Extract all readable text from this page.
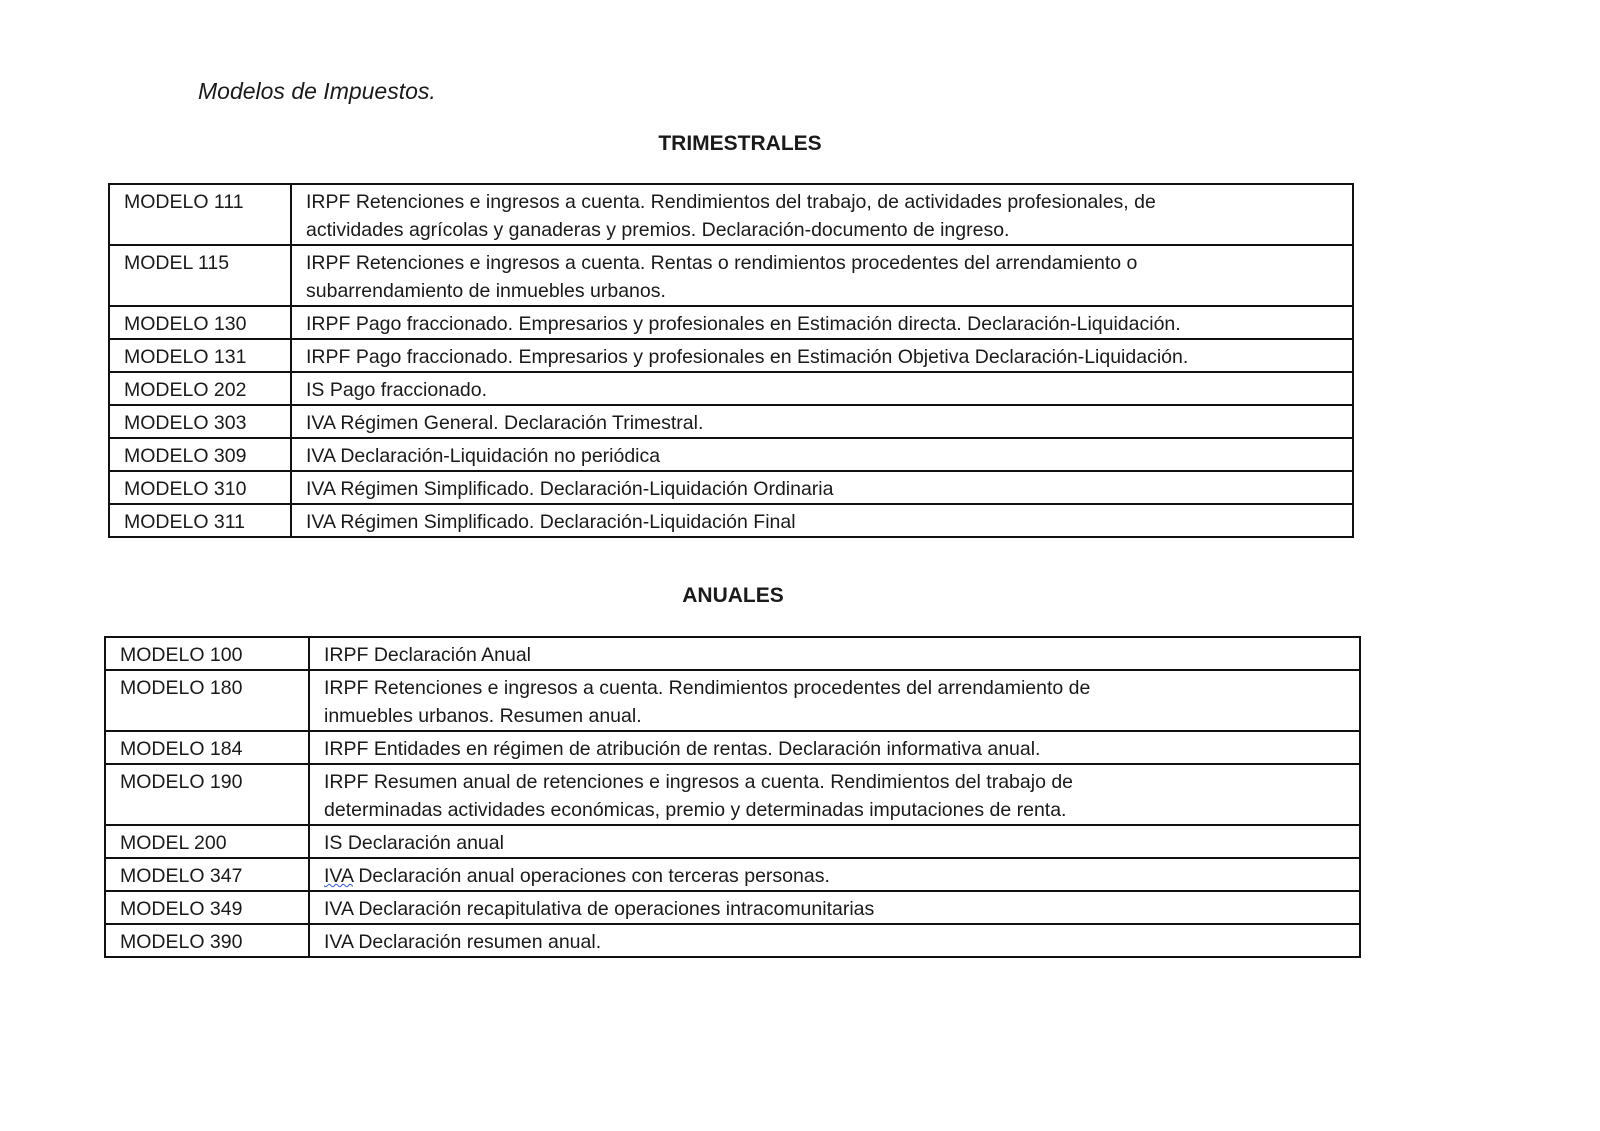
Modelos de Impuestos.
TRIMESTRALES
MODELO 111	IRPF Retenciones e ingresos a cuenta. Rendimientos del trabajo, de actividades profesionales, de
actividades agrícolas y ganaderas y premios. Declaración-documento de ingreso.

MODEL 115	IRPF Retenciones e ingresos a cuenta. Rentas o rendimientos procedentes del arrendamiento o
subarrendamiento de inmuebles urbanos.

MODELO 130	IRPF Pago fraccionado. Empresarios y profesionales en Estimación directa. Declaración-Liquidación.

MODELO 131	IRPF Pago fraccionado. Empresarios y profesionales en Estimación Objetiva Declaración-Liquidación.

MODELO 202	IS Pago fraccionado.

MODELO 303	IVA Régimen General. Declaración Trimestral.

MODELO 309	IVA Declaración-Liquidación no periódica

MODELO 310	IVA Régimen Simplificado. Declaración-Liquidación Ordinaria

MODELO 311	IVA Régimen Simplificado. Declaración-Liquidación Final
ANUALES
MODELO 100	IRPF Declaración Anual

MODELO 180	IRPF Retenciones e ingresos a cuenta. Rendimientos procedentes del arrendamiento de
inmuebles urbanos. Resumen anual.

MODELO 184	IRPF Entidades en régimen de atribución de rentas. Declaración informativa anual.

MODELO 190	IRPF Resumen anual de retenciones e ingresos a cuenta. Rendimientos del trabajo de
determinadas actividades económicas, premio y determinadas imputaciones de renta.

MODEL 200	IS Declaración anual

MODELO 347	IVA Declaración anual operaciones con terceras personas.

MODELO 349	IVA Declaración recapitulativa de operaciones intracomunitarias

MODELO 390	IVA Declaración resumen anual.
